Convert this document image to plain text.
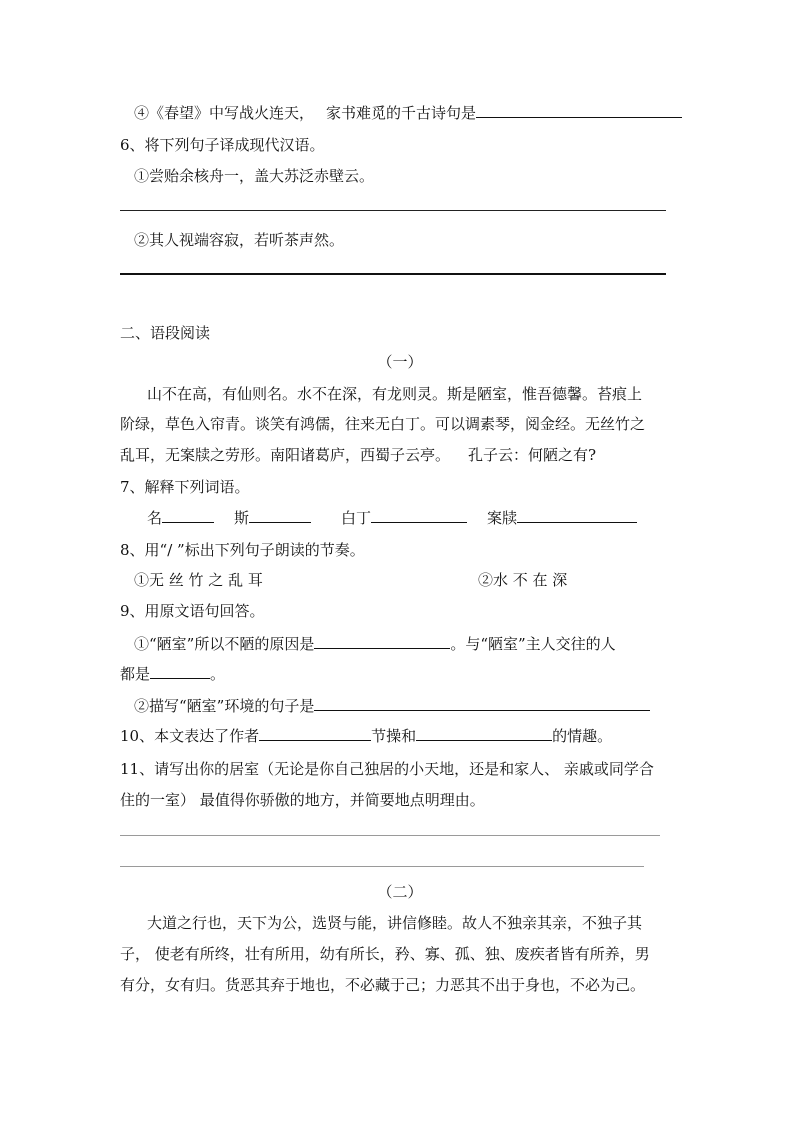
④《春望》中写战火连天， 家书难觅的千古诗句是
6、将下列句子译成现代汉语。
①尝贻余核舟一，盖大苏泛赤壁云。
②其人视端容寂，若听茶声然。
二、语段阅读
（一）
山不在高，有仙则名。水不在深，有龙则灵。斯是陋室，惟吾德馨。苔痕上
阶绿，草色入帘青。谈笑有鸿儒，往来无白丁。可以调素琴，阅金经。无丝竹之
乱耳，无案牍之劳形。南阳诸葛庐，西蜀子云亭。 孔子云：何陋之有?
7、解释下列词语。
名	斯	白丁	案牍
8、用“/ ”标出下列句子朗读的节奏。
①无 丝 竹 之 乱 耳	②水 不 在 深
9、用原文语句回答。
①“陋室”所以不陋的原因是	。与“陋室”主人交往的人
都是	。
②描写“陋室”环境的句子是
10、本文表达了作者	节操和	的情趣。
11、请写出你的居室（无论是你自己独居的小天地，还是和家人、 亲戚或同学合
住的一室） 最值得你骄傲的地方，并简要地点明理由。
（二）
大道之行也，天下为公，选贤与能，讲信修睦。故人不独亲其亲，不独子其
子， 使老有所终，壮有所用，幼有所长，矜、寡、孤、独、废疾者皆有所养，男
有分，女有归。货恶其弃于地也，不必藏于己；力恶其不出于身也，不必为己。
